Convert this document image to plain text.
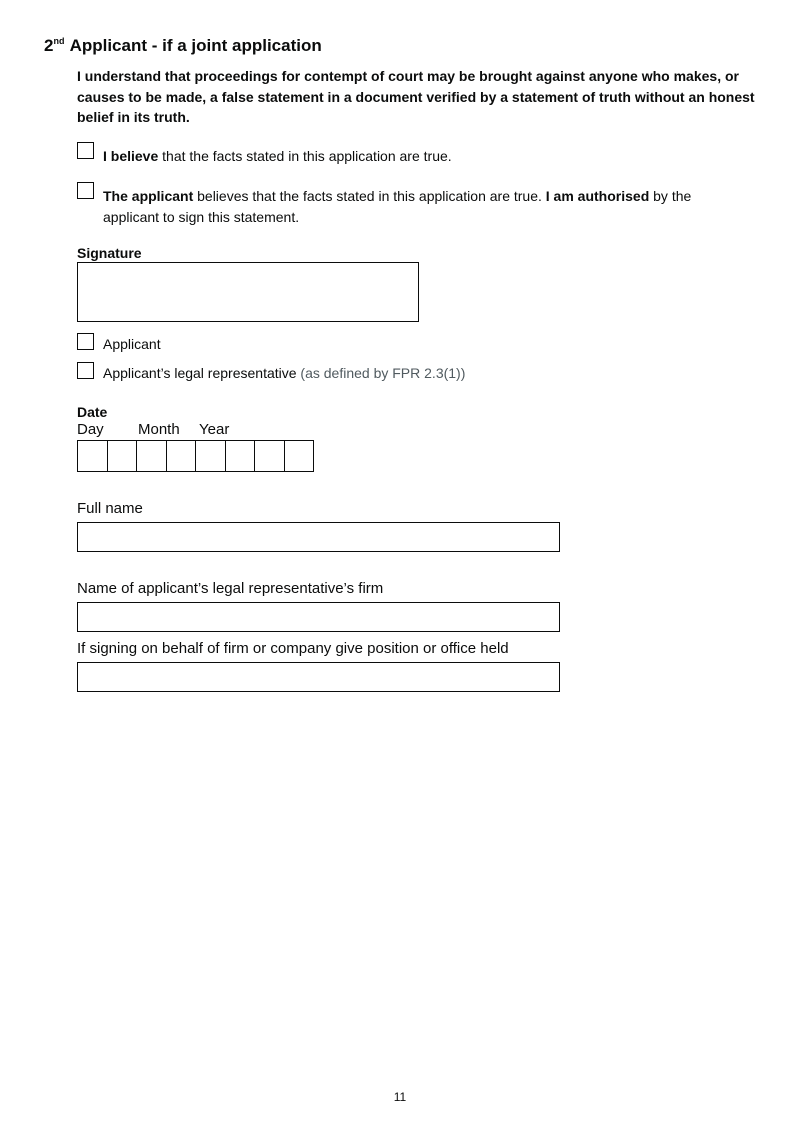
2nd Applicant - if a joint application
I understand that proceedings for contempt of court may be brought against anyone who makes, or causes to be made, a false statement in a document verified by a statement of truth without an honest belief in its truth.
I believe that the facts stated in this application are true.
The applicant believes that the facts stated in this application are true. I am authorised by the applicant to sign this statement.
Signature
Applicant
Applicant’s legal representative (as defined by FPR 2.3(1))
Date
Day Month Year
Full name
Name of applicant’s legal representative’s firm
If signing on behalf of firm or company give position or office held
11
